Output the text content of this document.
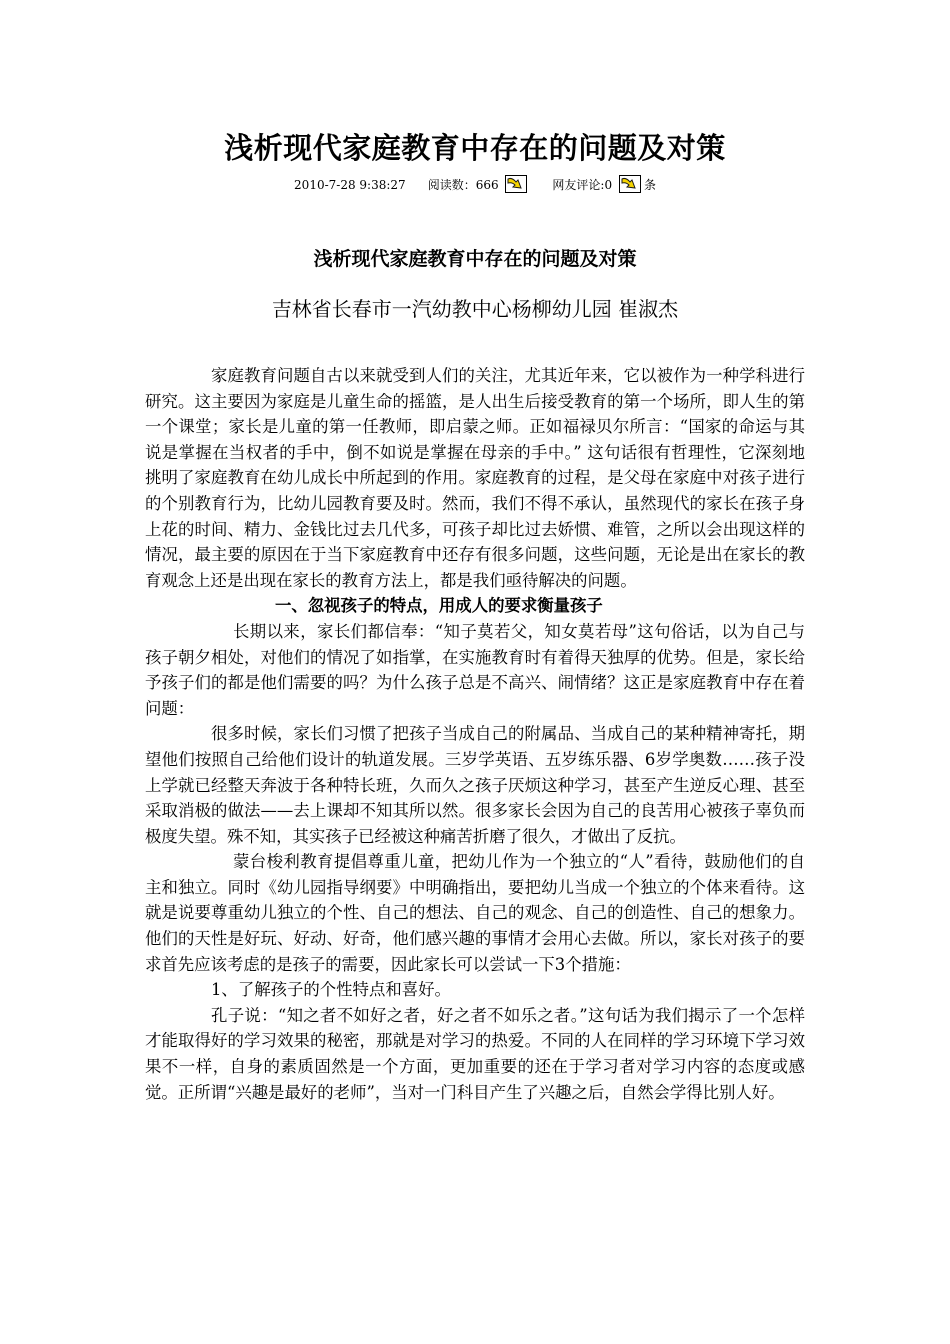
浅析现代家庭教育中存在的问题及对策
2010-7-28 9:38:27 阅读数：666	网友评论:0	条
浅析现代家庭教育中存在的问题及对策
吉林省长春市一汽幼教中心杨柳幼儿园 崔淑杰

家庭教育问题自古以来就受到人们的关注，尤其近年来，它以被作为一种学科进行研究。这主要因为家庭是儿童生命的摇篮，是人出生后接受教育的第一个场所，即人生的第一个课堂；家长是儿童的第一任教师，即启蒙之师。正如福禄贝尔所言：“国家的命运与其说是掌握在当权者的手中，倒不如说是掌握在母亲的手中。” 这句话很有哲理性，它深刻地挑明了家庭教育在幼儿成长中所起到的作用。家庭教育的过程，是父母在家庭中对孩子进行的个别教育行为，比幼儿园教育要及时。然而，我们不得不承认，虽然现代的家长在孩子身上花的时间、精力、金钱比过去几代多，可孩子却比过去娇惯、难管，之所以会出现这样的情况，最主要的原因在于当下家庭教育中还存有很多问题，这些问题，无论是出在家长的教育观念上还是出现在家长的教育方法上，都是我们亟待解决的问题。

一、忽视孩子的特点，用成人的要求衡量孩子

长期以来，家长们都信奉：“知子莫若父，知女莫若母”这句俗话，以为自己与孩子朝夕相处，对他们的情况了如指掌，在实施教育时有着得天独厚的优势。但是，家长给予孩子们的都是他们需要的吗？为什么孩子总是不高兴、闹情绪？这正是家庭教育中存在着问题：

很多时候，家长们习惯了把孩子当成自己的附属品、当成自己的某种精神寄托，期望他们按照自己给他们设计的轨道发展。三岁学英语、五岁练乐器、6岁学奥数……孩子没上学就已经整天奔波于各种特长班，久而久之孩子厌烦这种学习，甚至产生逆反心理、甚至采取消极的做法——去上课却不知其所以然。很多家长会因为自己的良苦用心被孩子辜负而极度失望。殊不知，其实孩子已经被这种痛苦折磨了很久，才做出了反抗。

蒙台梭利教育提倡尊重儿童，把幼儿作为一个独立的“人”看待，鼓励他们的自主和独立。同时《幼儿园指导纲要》中明确指出，要把幼儿当成一个独立的个体来看待。这就是说要尊重幼儿独立的个性、自己的想法、自己的观念、自己的创造性、自己的想象力。他们的天性是好玩、好动、好奇，他们感兴趣的事情才会用心去做。所以，家长对孩子的要求首先应该考虑的是孩子的需要，因此家长可以尝试一下3个措施：

1、了解孩子的个性特点和喜好。

孔子说：“知之者不如好之者，好之者不如乐之者。”这句话为我们揭示了一个怎样才能取得好的学习效果的秘密，那就是对学习的热爱。不同的人在同样的学习环境下学习效果不一样，自身的素质固然是一个方面，更加重要的还在于学习者对学习内容的态度或感觉。正所谓“兴趣是最好的老师”，当对一门科目产生了兴趣之后，自然会学得比别人好。
